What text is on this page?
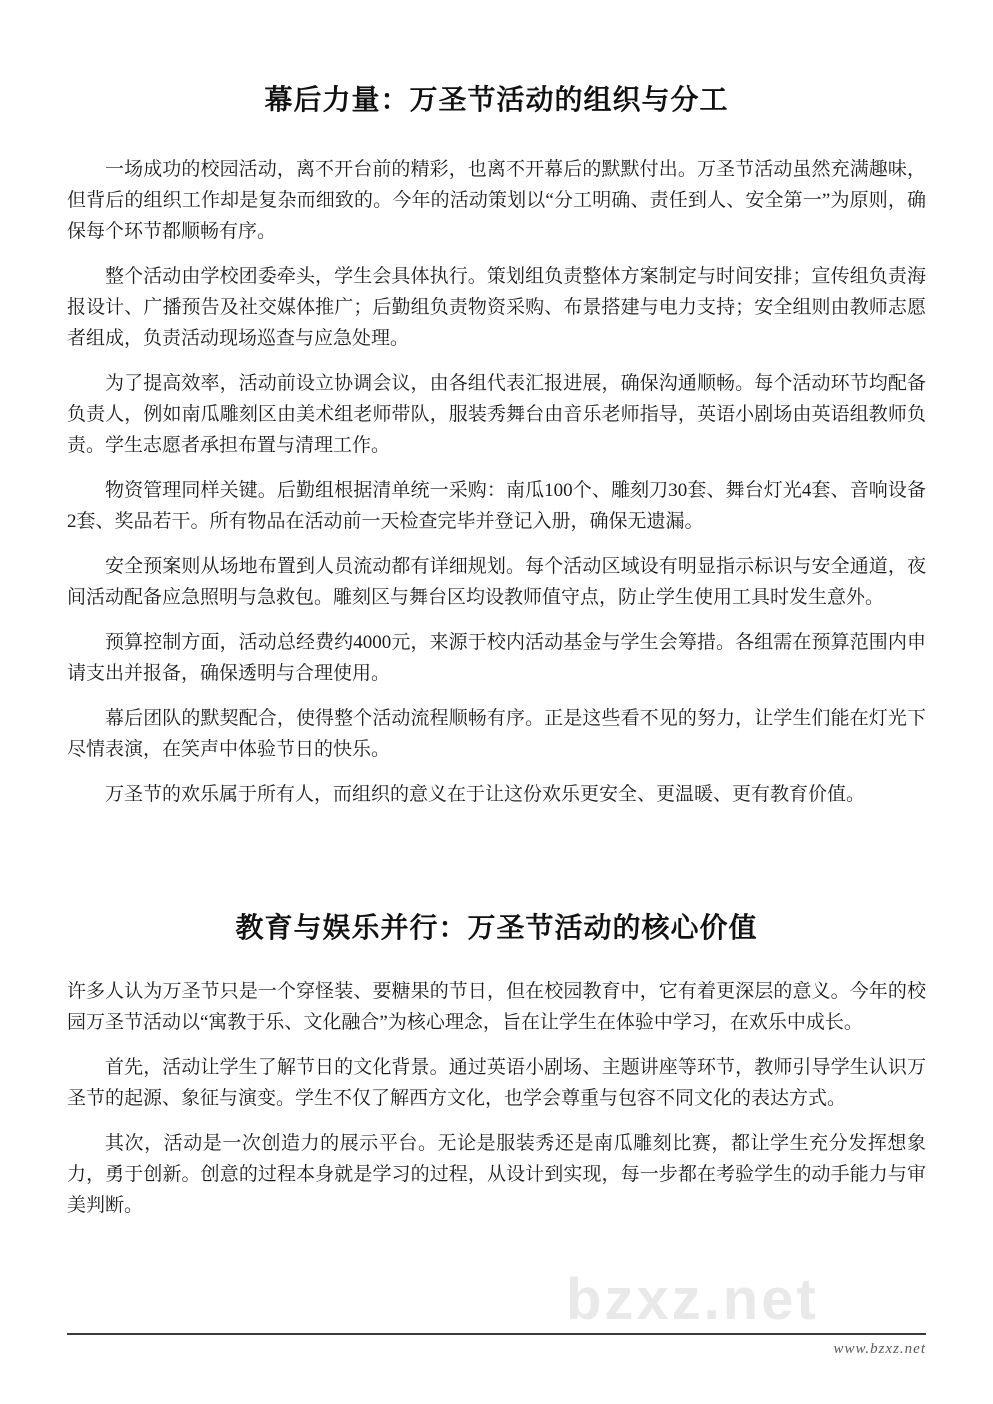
bzxz.net
幕后力量：万圣节活动的组织与分工

一场成功的校园活动，离不开台前的精彩，也离不开幕后的默默付出。万圣节活动虽然充满趣味，但背后的组织工作却是复杂而细致的。今年的活动策划以“分工明确、责任到人、安全第一”为原则，确保每个环节都顺畅有序。

整个活动由学校团委牵头，学生会具体执行。策划组负责整体方案制定与时间安排；宣传组负责海报设计、广播预告及社交媒体推广；后勤组负责物资采购、布景搭建与电力支持；安全组则由教师志愿者组成，负责活动现场巡查与应急处理。

为了提高效率，活动前设立协调会议，由各组代表汇报进展，确保沟通顺畅。每个活动环节均配备负责人，例如南瓜雕刻区由美术组老师带队，服装秀舞台由音乐老师指导，英语小剧场由英语组教师负责。学生志愿者承担布置与清理工作。

物资管理同样关键。后勤组根据清单统一采购：南瓜100个、雕刻刀30套、舞台灯光4套、音响设备2套、奖品若干。所有物品在活动前一天检查完毕并登记入册，确保无遗漏。

安全预案则从场地布置到人员流动都有详细规划。每个活动区域设有明显指示标识与安全通道，夜间活动配备应急照明与急救包。雕刻区与舞台区均设教师值守点，防止学生使用工具时发生意外。

预算控制方面，活动总经费约4000元，来源于校内活动基金与学生会筹措。各组需在预算范围内申请支出并报备，确保透明与合理使用。

幕后团队的默契配合，使得整个活动流程顺畅有序。正是这些看不见的努力，让学生们能在灯光下尽情表演，在笑声中体验节日的快乐。

万圣节的欢乐属于所有人，而组织的意义在于让这份欢乐更安全、更温暖、更有教育价值。

教育与娱乐并行：万圣节活动的核心价值

许多人认为万圣节只是一个穿怪装、要糖果的节日，但在校园教育中，它有着更深层的意义。今年的校园万圣节活动以“寓教于乐、文化融合”为核心理念，旨在让学生在体验中学习，在欢乐中成长。

首先，活动让学生了解节日的文化背景。通过英语小剧场、主题讲座等环节，教师引导学生认识万圣节的起源、象征与演变。学生不仅了解西方文化，也学会尊重与包容不同文化的表达方式。

其次，活动是一次创造力的展示平台。无论是服装秀还是南瓜雕刻比赛，都让学生充分发挥想象力，勇于创新。创意的过程本身就是学习的过程，从设计到实现，每一步都在考验学生的动手能力与审美判断。

www.bzxz.net
